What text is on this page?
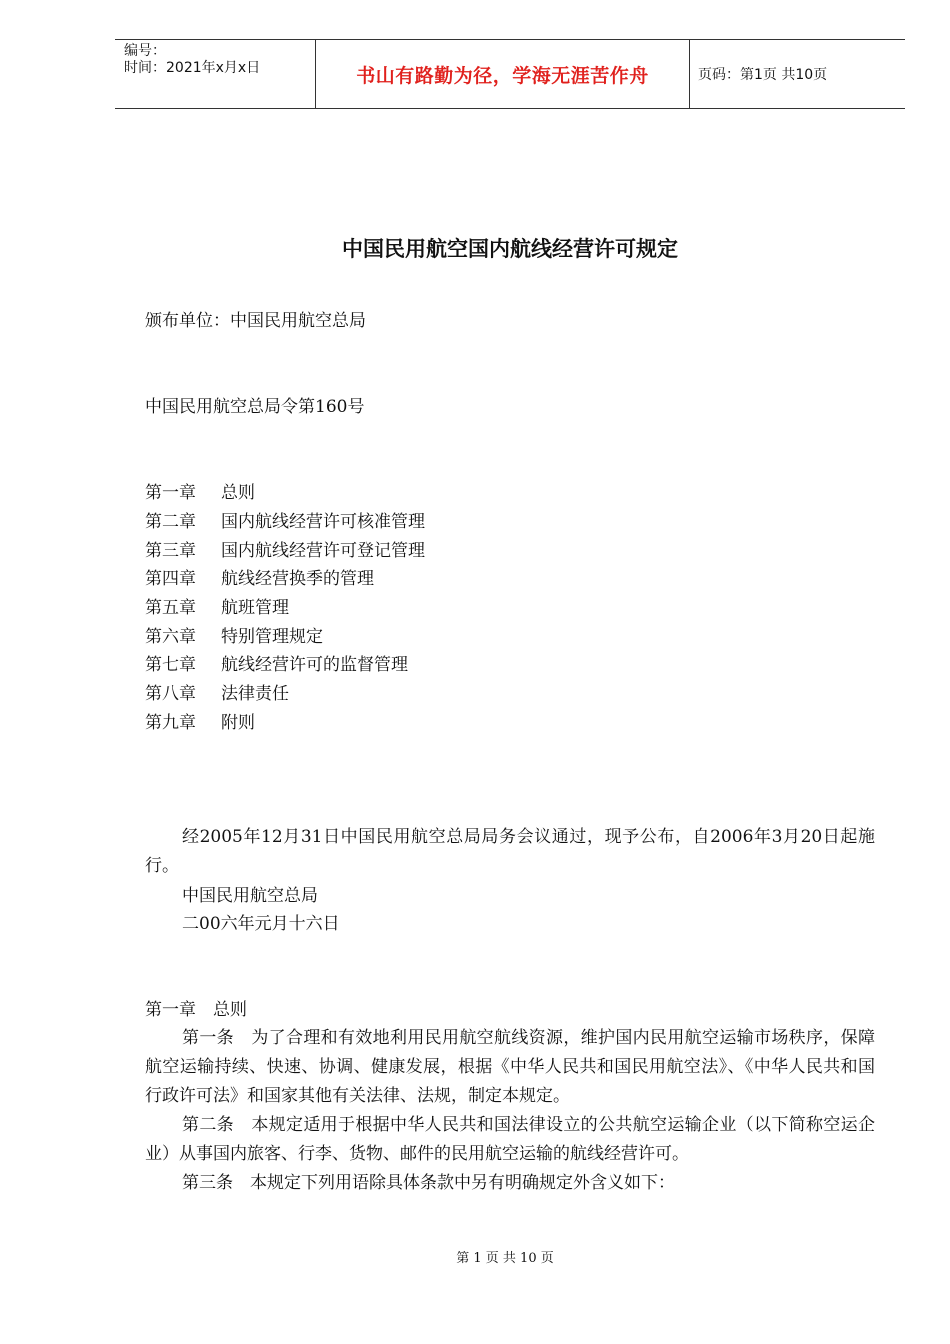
编号：
时间：2021年x月x日	书山有路勤为径，学海无涯苦作舟	页码：第1页 共10页
中国民用航空国内航线经营许可规定
颁布单位：中国民用航空总局
中国民用航空总局令第160号
第一章 总则
第二章 国内航线经营许可核准管理
第三章 国内航线经营许可登记管理
第四章 航线经营换季的管理
第五章 航班管理
第六章 特别管理规定
第七章 航线经营许可的监督管理
第八章 法律责任
第九章 附则
经2005年12月31日中国民用航空总局局务会议通过，现予公布，自2006年3月20日起施行。
中国民用航空总局
二00六年元月十六日
第一章　总则
第一条　为了合理和有效地利用民用航空航线资源，维护国内民用航空运输市场秩序，保障航空运输持续、快速、协调、健康发展，根据《中华人民共和国民用航空法》、《中华人民共和国行政许可法》和国家其他有关法律、法规，制定本规定。
第二条　本规定适用于根据中华人民共和国法律设立的公共航空运输企业（以下简称空运企业）从事国内旅客、行李、货物、邮件的民用航空运输的航线经营许可。
第三条　本规定下列用语除具体条款中另有明确规定外含义如下：
第 1 页 共 10 页
